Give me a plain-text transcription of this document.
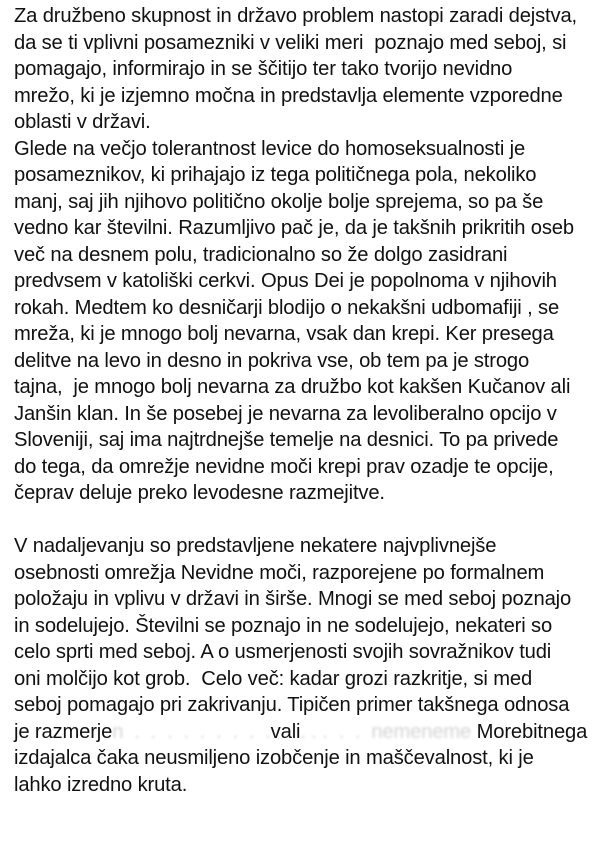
Za družbeno skupnost in državo problem nastopi zaradi dejstva,
da se ti vplivni posamezniki v veliki meri  poznajo med seboj, si
pomagajo, informirajo in se ščitijo ter tako tvorijo nevidno
mrežo, ki je izjemno močna in predstavlja elemente vzporedne
oblasti v državi.
Glede na večjo tolerantnost levice do homoseksualnosti je
posameznikov, ki prihajajo iz tega političnega pola, nekoliko
manj, saj jih njihovo politično okolje bolje sprejema, so pa še
vedno kar številni. Razumljivo pač je, da je takšnih prikritih oseb
več na desnem polu, tradicionalno so že dolgo zasidrani
predvsem v katoliški cerkvi. Opus Dei je popolnoma v njihovih
rokah. Medtem ko desničarji blodijo o nekakšni udbomafiji , se
mreža, ki je mnogo bolj nevarna, vsak dan krepi. Ker presega
delitve na levo in desno in pokriva vse, ob tem pa je strogo
tajna,  je mnogo bolj nevarna za družbo kot kakšen Kučanov ali
Janšin klan. In še posebej je nevarna za levoliberalno opcijo v
Sloveniji, saj ima najtrdnejše temelje na desnici. To pa privede
do tega, da omrežje nevidne moči krepi prav ozadje te opcije,
čeprav deluje preko levodesne razmejitve.
V nadaljevanju so predstavljene nekatere najvplivnejše
osebnosti omrežja Nevidne moči, razporejene po formalnem
položaju in vplivu v državi in širše. Mnogi se med seboj poznajo
in sodelujejo. Številni se poznajo in ne sodelujejo, nekateri so
celo sprti med seboj. A o usmerjenosti svojih sovražnikov tudi
oni molčijo kot grob.  Celo več: kadar grozi razkritje, si med
seboj pomagajo pri zakrivanju. Tipičen primer takšnega odnosa
je razmerjen  .  .  .  .  .  .  .  .  .vali. . .  .  .  nemeneme Morebitnega
izdajalca čaka neusmiljeno izobčenje in maščevalnost, ki je
lahko izredno kruta.
